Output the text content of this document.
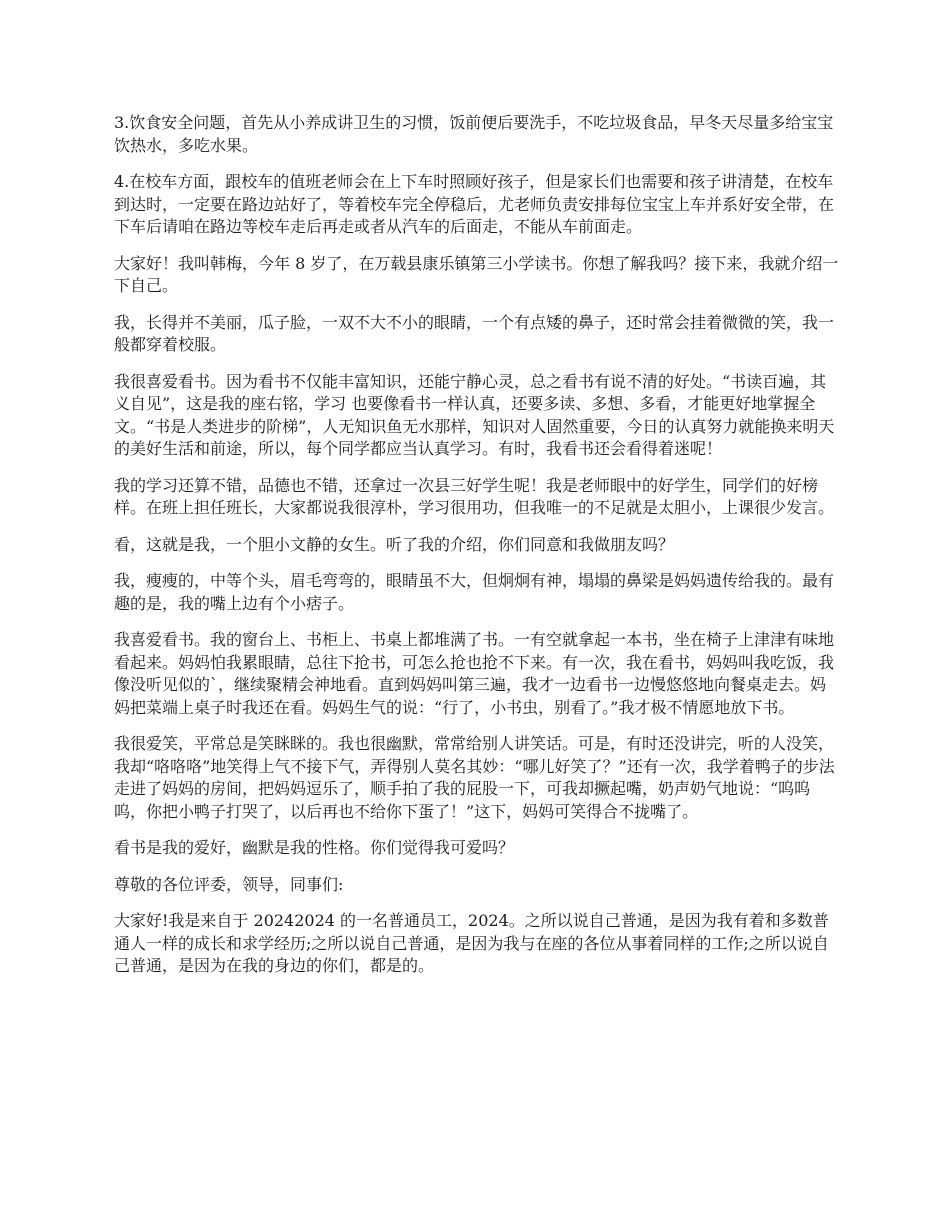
3.饮食安全问题，首先从小养成讲卫生的习惯，饭前便后要洗手，不吃垃圾食品，早冬天尽量多给宝宝饮热水，多吃水果。

4.在校车方面，跟校车的值班老师会在上下车时照顾好孩子，但是家长们也需要和孩子讲清楚，在校车到达时，一定要在路边站好了，等着校车完全停稳后，尤老师负责安排每位宝宝上车并系好安全带，在下车后请咱在路边等校车走后再走或者从汽车的后面走，不能从车前面走。

大家好！我叫韩梅，今年 8 岁了，在万载县康乐镇第三小学读书。你想了解我吗？接下来，我就介绍一下自己。

我，长得并不美丽，瓜子脸，一双不大不小的眼睛，一个有点矮的鼻子，还时常会挂着微微的笑，我一般都穿着校服。

我很喜爱看书。因为看书不仅能丰富知识，还能宁静心灵，总之看书有说不清的好处。“书读百遍，其义自见”，这是我的座右铭，学习 也要像看书一样认真，还要多读、多想、多看，才能更好地掌握全文。“书是人类进步的阶梯”，人无知识鱼无水那样，知识对人固然重要，今日的认真努力就能换来明天的美好生活和前途，所以，每个同学都应当认真学习。有时，我看书还会看得着迷呢！

我的学习还算不错，品德也不错，还拿过一次县三好学生呢！我是老师眼中的好学生，同学们的好榜样。在班上担任班长，大家都说我很淳朴，学习很用功，但我唯一的不足就是太胆小，上课很少发言。

看，这就是我，一个胆小文静的女生。听了我的介绍，你们同意和我做朋友吗？

我，瘦瘦的，中等个头，眉毛弯弯的，眼睛虽不大，但炯炯有神，塌塌的鼻梁是妈妈遗传给我的。最有趣的是，我的嘴上边有个小痞子。

我喜爱看书。我的窗台上、书柜上、书桌上都堆满了书。一有空就拿起一本书，坐在椅子上津津有味地看起来。妈妈怕我累眼睛，总往下抢书，可怎么抢也抢不下来。有一次，我在看书，妈妈叫我吃饭，我像没听见似的`，继续聚精会神地看。直到妈妈叫第三遍，我才一边看书一边慢悠悠地向餐桌走去。妈妈把菜端上桌子时我还在看。妈妈生气的说：“行了，小书虫，别看了。”我才极不情愿地放下书。

我很爱笑，平常总是笑眯眯的。我也很幽默，常常给别人讲笑话。可是，有时还没讲完，听的人没笑，我却“咯咯咯”地笑得上气不接下气，弄得别人莫名其妙：“哪儿好笑了？”还有一次，我学着鸭子的步法走进了妈妈的房间，把妈妈逗乐了，顺手拍了我的屁股一下，可我却撅起嘴，奶声奶气地说：“呜呜呜，你把小鸭子打哭了，以后再也不给你下蛋了！”这下，妈妈可笑得合不拢嘴了。

看书是我的爱好，幽默是我的性格。你们觉得我可爱吗？

尊敬的各位评委，领导，同事们:

大家好!我是来自于 20242024 的一名普通员工，2024。之所以说自己普通，是因为我有着和多数普通人一样的成长和求学经历;之所以说自己普通，是因为我与在座的各位从事着同样的工作;之所以说自己普通，是因为在我的身边的你们，都是的。
